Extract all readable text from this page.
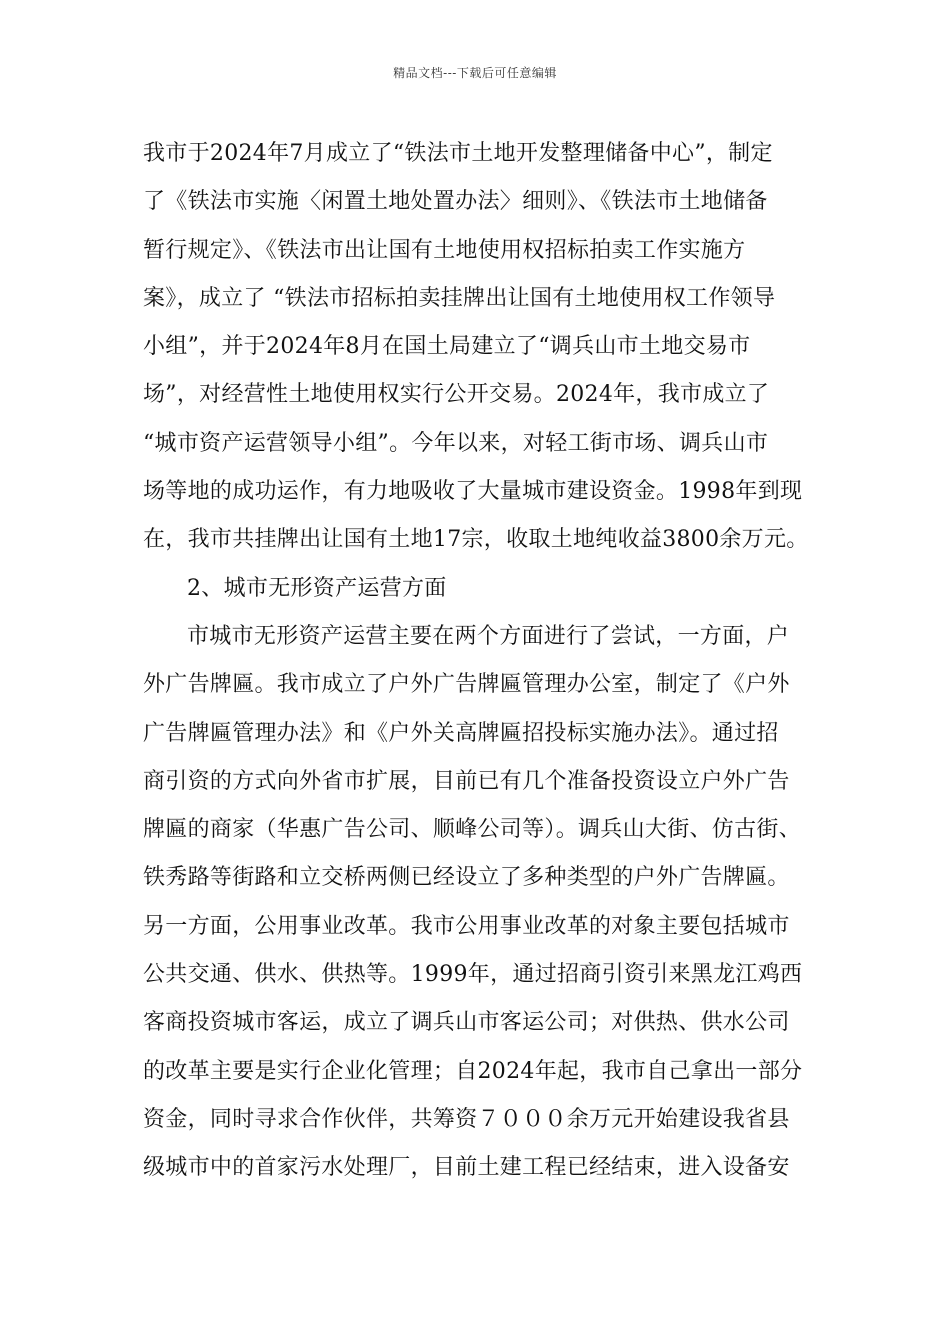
精品文档---下载后可任意编辑
我市于2024年7月成立了“铁法市土地开发整理储备中心”，制定
了《铁法市实施〈闲置土地处置办法〉细则》、《铁法市土地储备
暂行规定》、《铁法市出让国有土地使用权招标拍卖工作实施方
案》，成立了 “铁法市招标拍卖挂牌出让国有土地使用权工作领导
小组”，并于2024年8月在国土局建立了“调兵山市土地交易市
场”，对经营性土地使用权实行公开交易。2024年，我市成立了
“城市资产运营领导小组”。今年以来，对轻工街市场、调兵山市
场等地的成功运作，有力地吸收了大量城市建设资金。1998年到现
在，我市共挂牌出让国有土地17宗，收取土地纯收益3800余万元。
2、城市无形资产运营方面
市城市无形资产运营主要在两个方面进行了尝试，一方面，户
外广告牌匾。我市成立了户外广告牌匾管理办公室，制定了《户外
广告牌匾管理办法》和《户外关高牌匾招投标实施办法》。通过招
商引资的方式向外省市扩展，目前已有几个准备投资设立户外广告
牌匾的商家（华惠广告公司、顺峰公司等）。调兵山大街、仿古街、
铁秀路等街路和立交桥两侧已经设立了多种类型的户外广告牌匾。
另一方面，公用事业改革。我市公用事业改革的对象主要包括城市
公共交通、供水、供热等。1999年，通过招商引资引来黑龙江鸡西
客商投资城市客运，成立了调兵山市客运公司；对供热、供水公司
的改革主要是实行企业化管理；自2024年起，我市自己拿出一部分
资金，同时寻求合作伙伴，共筹资７０００余万元开始建设我省县
级城市中的首家污水处理厂，目前土建工程已经结束，进入设备安
